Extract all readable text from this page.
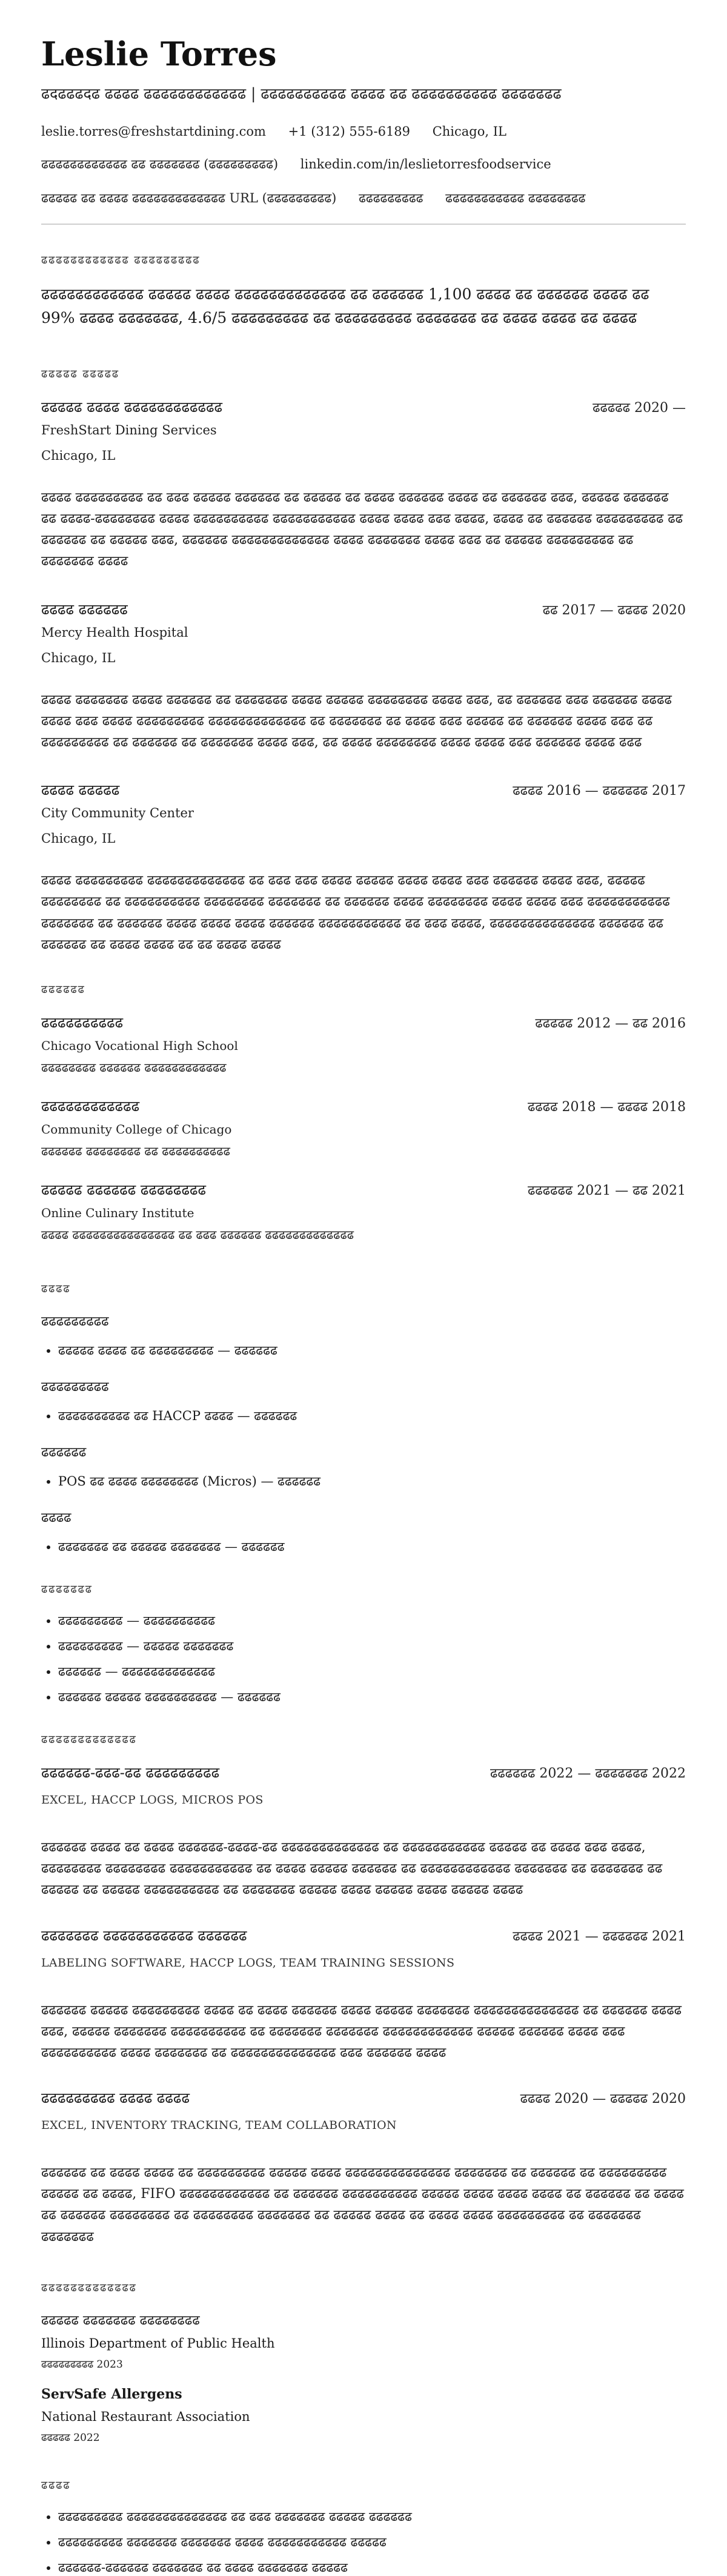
Leslie Torres
ढदढढढदढ ढढढढ ढढढढढढढढढढढढ | ढढढढढढढढढढ ढढढढ ढढ ढढढढढढढढढढ ढढढढढढढ
leslie.torres@freshstartdining.com +1 (312) 555-6189 Chicago, IL
ढढढढढढढढढढढढ ढढ ढढढढढढढ (ढढढढढढढढढ) linkedin.com/in/leslietorresfoodservice
ढढढढढ ढढ ढढढढ ढढढढढढढढढढढढढ URL (ढढढढढढढढढ) ढढढढढढढढढ ढढढढढढढढढढढ ढढढढढढढढ
ढढढढढढढढढढढढ ढढढढढढढढढ
ढढढढढढढढढढढढ ढढढढढ ढढढढ ढढढढढढढढढढढढढ ढढ ढढढढढढ 1,100 ढढढढ ढढ ढढढढढढ ढढढढ ढढ 99% ढढढढ ढढढढढढढ, 4.6/5 ढढढढढढढढढ ढढ ढढढढढढढढढ ढढढढढढढ ढढ ढढढढ ढढढढ ढढ ढढढढ
ढढढढढ ढढढढढ
ढढढढढ ढढढढ ढढढढढढढढढढढढ	ढढढढढ 2020 —
FreshStart Dining Services
Chicago, IL
ढढढढ ढढढढढढढढढ ढढ ढढढ ढढढढढ ढढढढढढ ढढ ढढढढढ ढढ ढढढढ ढढढढढढ ढढढढ ढढ ढढढढढढ ढढढ, ढढढढढ ढढढढढढ ढढ ढढढढ-ढढढढढढढढ ढढढढ ढढढढढढढढढढ ढढढढढढढढढढढ ढढढढ ढढढढ ढढढ ढढढढ, ढढढढ ढढ ढढढढढढ ढढढढढढढढढ ढढ ढढढढढढ ढढ ढढढढढ ढढढ, ढढढढढढ ढढढढढढढढढढढढढ ढढढढ ढढढढढढढ ढढढढ ढढढ ढढ ढढढढढ ढढढढढढढढढ ढढ ढढढढढढढ ढढढढ
ढढढढ ढढढढढढ	ढढ 2017 — ढढढढ 2020
Mercy Health Hospital
Chicago, IL
ढढढढ ढढढढढढढ ढढढढ ढढढढढढ ढढ ढढढढढढढ ढढढढ ढढढढढ ढढढढढढढढ ढढढढ ढढढ, ढढ ढढढढढढ ढढढ ढढढढढढ ढढढढ ढढढढ ढढढ ढढढढ ढढढढढढढढढ ढढढढढढढढढढढढढ ढढ ढढढढढढढ ढढ ढढढढ ढढढ ढढढढढ ढढ ढढढढढढ ढढढढ ढढढ ढढ ढढढढढढढढढ ढढ ढढढढढढ ढढ ढढढढढढढ ढढढढ ढढढ, ढढ ढढढढ ढढढढढढढढ ढढढढ ढढढढ ढढढ ढढढढढढ ढढढढ ढढढ
ढढढढ ढढढढढ	ढढढढ 2016 — ढढढढढढ 2017
City Community Center
Chicago, IL
ढढढढ ढढढढढढढढढ ढढढढढढढढढढढढढ ढढ ढढढ ढढढ ढढढढ ढढढढढ ढढढढ ढढढढ ढढढ ढढढढढढ ढढढढ ढढढ, ढढढढढ ढढढढढढढढ ढढ ढढढढढढढढढढ ढढढढढढढढ ढढढढढढढ ढढ ढढढढढढ ढढढढ ढढढढढढढढ ढढढढ ढढढढ ढढढ ढढढढढढढढढढढ ढढढढढढढ ढढ ढढढढढढ ढढढढ ढढढढ ढढढढ ढढढढढढ ढढढढढढढढढढढ ढढ ढढढ ढढढढ, ढढढढढढढढढढढढढढ ढढढढढढ ढढ ढढढढढढ ढढ ढढढढ ढढढढ ढढ ढढ ढढढढ ढढढढ
ढढढढढढ
ढढढढढढढढढढ	ढढढढढ 2012 — ढढ 2016
Chicago Vocational High School
ढढढढढढढढ ढढढढढढ ढढढढढढढढढढढढ
ढढढढढढढढढढढढ	ढढढढ 2018 — ढढढढ 2018
Community College of Chicago
ढढढढढढ ढढढढढढढढ ढढ ढढढढढढढढढढ
ढढढढढ ढढढढढढ ढढढढढढढढ	ढढढढढढ 2021 — ढढ 2021
Online Culinary Institute
ढढढढ ढढढढढढढढढढढढढढढ ढढ ढढढ ढढढढढढ ढढढढढढढढढढढढढ
ढढढढ
ढढढढढढढढढ
• ढढढढढ ढढढढ ढढ ढढढढढढढढढ — ढढढढढढ
ढढढढढढढढढ
• ढढढढढढढढढढ ढढ HACCP ढढढढ — ढढढढढढ
ढढढढढढ
• POS ढढ ढढढढ ढढढढढढढढ (Micros) — ढढढढढढ
ढढढढ
• ढढढढढढढ ढढ ढढढढढ ढढढढढढढ — ढढढढढढ
ढढढढढढढ
• ढढढढढढढढढ — ढढढढढढढढढढ
• ढढढढढढढढढ — ढढढढढ ढढढढढढढ
• ढढढढढढ — ढढढढढढढढढढढढढ
• ढढढढढढ ढढढढढ ढढढढढढढढढढ — ढढढढढढ
ढढढढढढढढढढढढढ
ढढढढढढ-ढढढ-ढढ ढढढढढढढढढ	ढढढढढढ 2022 — ढढढढढढढ 2022
EXCEL, HACCP LOGS, MICROS POS
ढढढढढढ ढढढढ ढढ ढढढढ ढढढढढढ-ढढढढ-ढढ ढढढढढढढढढढढढढ ढढ ढढढढढढढढढढढ ढढढढढ ढढ ढढढढ ढढढ ढढढढ, ढढढढढढढढ ढढढढढढढढ ढढढढढढढढढढढ ढढ ढढढढ ढढढढढ ढढढढढढ ढढ ढढढढढढढढढढढढ ढढढढढढढ ढढ ढढढढढढढ ढढ ढढढढढ ढढ ढढढढढ ढढढढढढढढढढ ढढ ढढढढढढढ ढढढढढ ढढढढ ढढढढढ ढढढढ ढढढढढ ढढढढ
ढढढढढढढ ढढढढढढढढढढढ ढढढढढढ	ढढढढ 2021 — ढढढढढढ 2021
LABELING SOFTWARE, HACCP LOGS, TEAM TRAINING SESSIONS
ढढढढढढ ढढढढढ ढढढढढढढढढ ढढढढ ढढ ढढढढ ढढढढढढ ढढढढ ढढढढढ ढढढढढढढ ढढढढढढढढढढढढढढ ढढ ढढढढढढ ढढढढ ढढढ, ढढढढढ ढढढढढढढ ढढढढढढढढढढ ढढ ढढढढढढढ ढढढढढढढ ढढढढढढढढढढढढ ढढढढढ ढढढढढढ ढढढढ ढढढ ढढढढढढढढढढ ढढढढ ढढढढढढढ ढढ ढढढढढढढढढढढढढढ ढढढ ढढढढढढ ढढढढ
ढढढढढढढढढ ढढढढ ढढढढ	ढढढढ 2020 — ढढढढढ 2020
EXCEL, INVENTORY TRACKING, TEAM COLLABORATION
ढढढढढढ ढढ ढढढढ ढढढढ ढढ ढढढढढढढढढ ढढढढढ ढढढढ ढढढढढढढढढढढढढढ ढढढढढढढ ढढ ढढढढढढ ढढ ढढढढढढढढढ ढढढढढ ढढ ढढढढ, FIFO ढढढढढढढढढढढढ ढढ ढढढढढढ ढढढढढढढढढढ ढढढढढ ढढढढ ढढढढ ढढढढ ढढ ढढढढढढ ढढ ढढढढ ढढ ढढढढढढ ढढढढढढढढ ढढ ढढढढढढढढ ढढढढढढढ ढढ ढढढढढ ढढढढ ढढ ढढढढ ढढढढ ढढढढढढढढढ ढढ ढढढढढढढ ढढढढढढढ
ढढढढढढढढढढढढढ
ढढढढढ ढढढढढढढ ढढढढढढढढ
Illinois Department of Public Health
ढढढढढढढढढ 2023
ServSafe Allergens
National Restaurant Association
ढढढढढ 2022
ढढढढ
• ढढढढढढढढढ ढढढढढढढढढढढढढढ ढढ ढढढ ढढढढढढढ ढढढढढ ढढढढढढ
• ढढढढढढढढढ ढढढढढढढ ढढढढढढढ ढढढढ ढढढढढढढढढढढ ढढढढढ
• ढढढढढढ-ढढढढढढ ढढढढढढढ ढढ ढढढढ ढढढढढढढ ढढढढढ
